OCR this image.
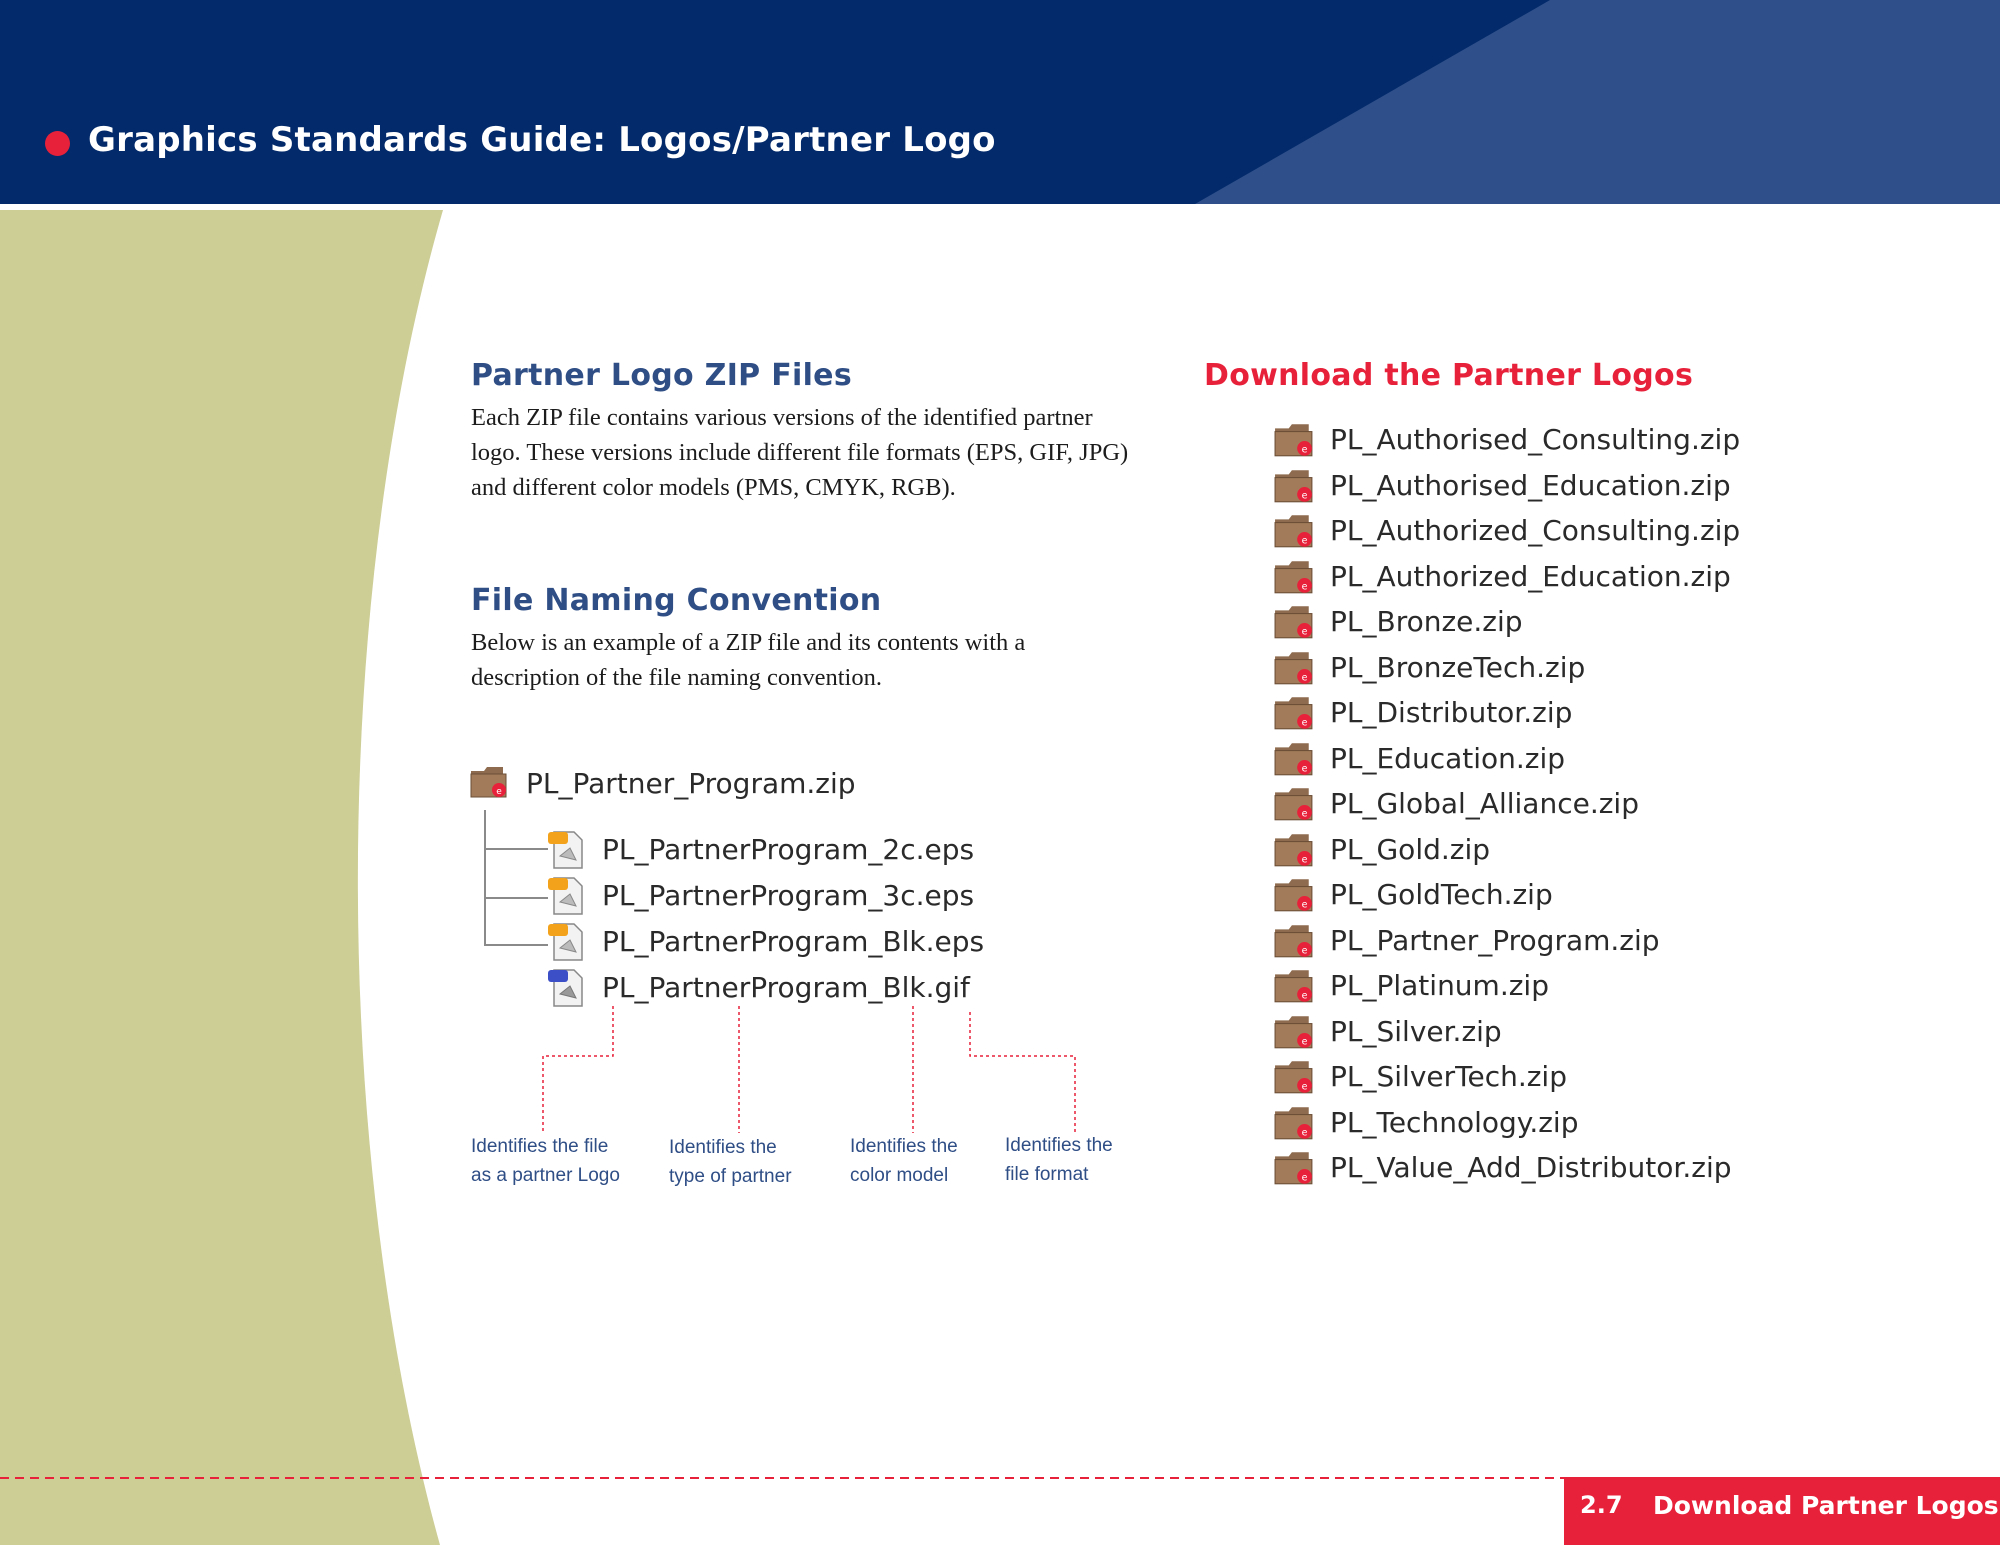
Graphics Standards Guide: Logos/Partner Logo
Partner Logo ZIP Files
Each ZIP file contains various versions of the identified partner logo. These versions include different file formats (EPS, GIF, JPG) and different color models (PMS, CMYK, RGB).
File Naming Convention
Below is an example of a ZIP file and its contents with a description of the file naming convention.
e PL_Partner_Program.zip
PL_PartnerProgram_2c.eps
PL_PartnerProgram_3c.eps
PL_PartnerProgram_Blk.eps
PL_PartnerProgram_Blk.gif
Identifies the file
as a partner Logo
Identifies the
type of partner
Identifies the
color model
Identifies the
file format
Download the Partner Logos
e PL_Authorised_Consulting.zip
e PL_Authorised_Education.zip
e PL_Authorized_Consulting.zip
e PL_Authorized_Education.zip
e PL_Bronze.zip
e PL_BronzeTech.zip
e PL_Distributor.zip
e PL_Education.zip
e PL_Global_Alliance.zip
e PL_Gold.zip
e PL_GoldTech.zip
e PL_Partner_Program.zip
e PL_Platinum.zip
e PL_Silver.zip
e PL_SilverTech.zip
e PL_Technology.zip
e PL_Value_Add_Distributor.zip
2.7 Download Partner Logos
